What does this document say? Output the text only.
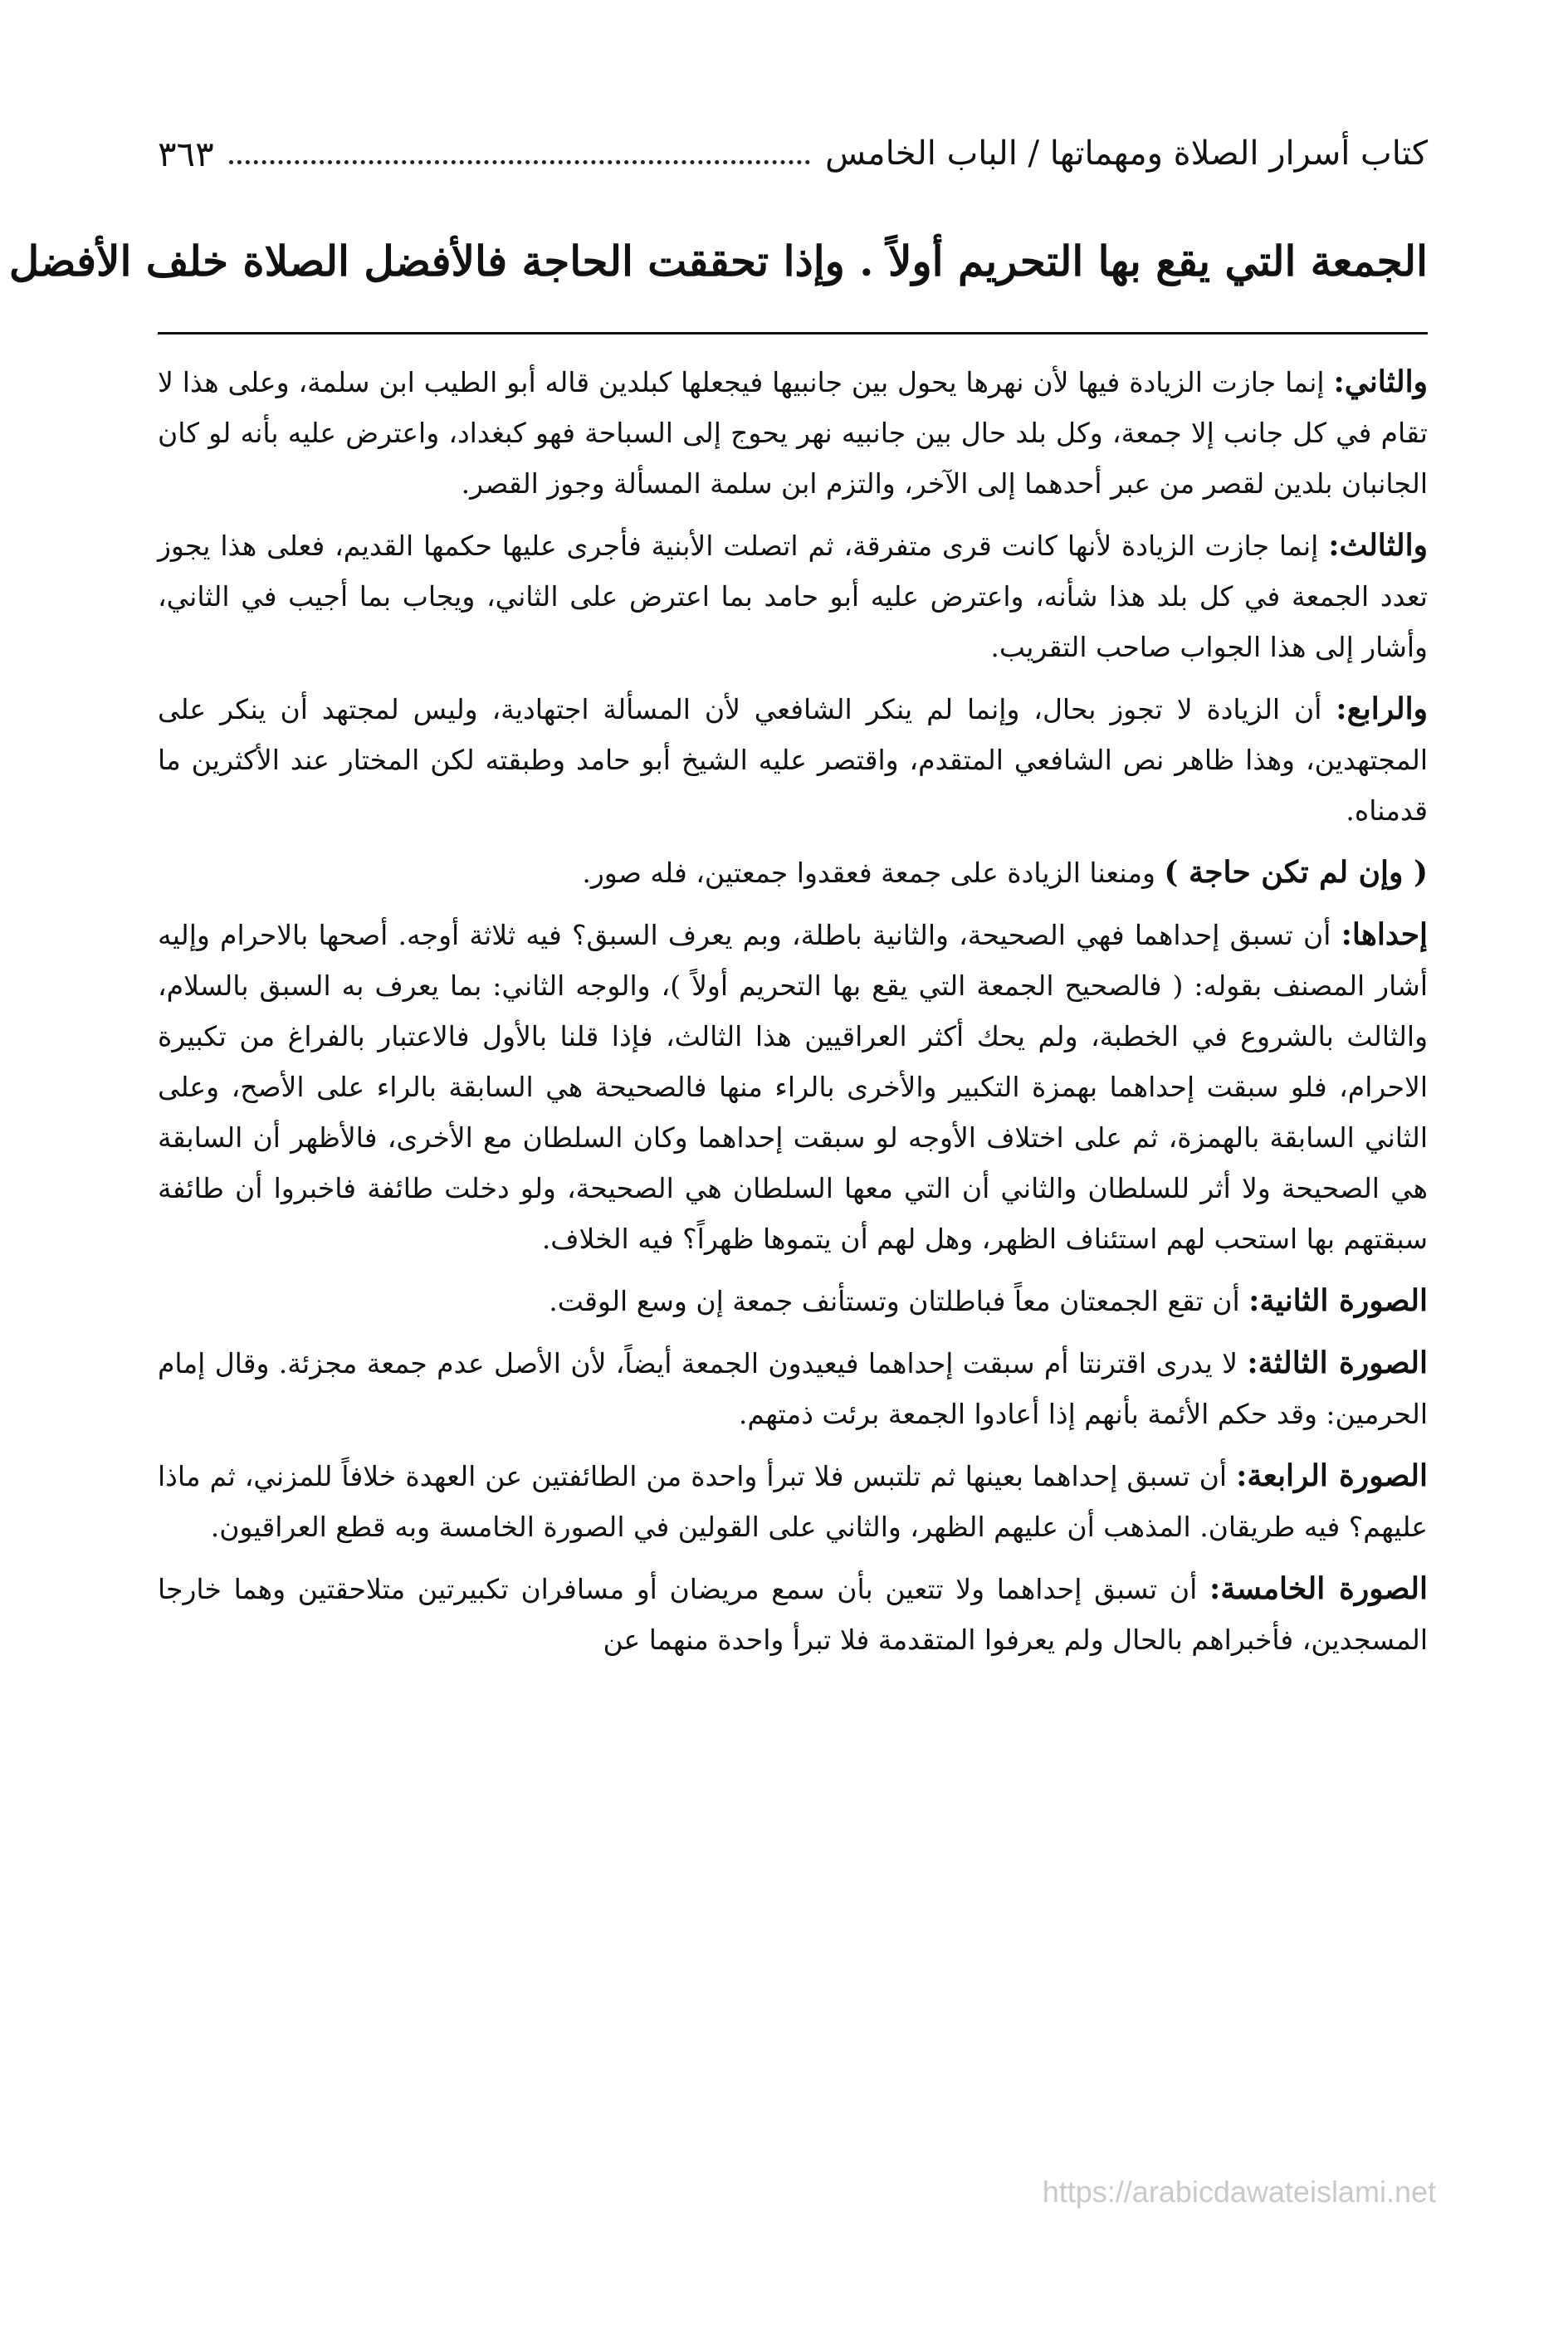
كتاب أسرار الصلاة ومهماتها / الباب الخامس
٣٦٣
الجمعة التي يقع بها التحريم أولاً . وإذا تحققت الحاجة فالأفضل الصلاة خلف الأفضل

والثاني: إنما جازت الزيادة فيها لأن نهرها يحول بين جانبيها فيجعلها كبلدين قاله أبو الطيب ابن سلمة، وعلى هذا لا تقام في كل جانب إلا جمعة، وكل بلد حال بين جانبيه نهر يحوج إلى السباحة فهو كبغداد، واعترض عليه بأنه لو كان الجانبان بلدين لقصر من عبر أحدهما إلى الآخر، والتزم ابن سلمة المسألة وجوز القصر.

والثالث: إنما جازت الزيادة لأنها كانت قرى متفرقة، ثم اتصلت الأبنية فأجرى عليها حكمها القديم، فعلى هذا يجوز تعدد الجمعة في كل بلد هذا شأنه، واعترض عليه أبو حامد بما اعترض على الثاني، ويجاب بما أجيب في الثاني، وأشار إلى هذا الجواب صاحب التقريب.

والرابع: أن الزيادة لا تجوز بحال، وإنما لم ينكر الشافعي لأن المسألة اجتهادية، وليس لمجتهد أن ينكر على المجتهدين، وهذا ظاهر نص الشافعي المتقدم، واقتصر عليه الشيخ أبو حامد وطبقته لكن المختار عند الأكثرين ما قدمناه.

( وإن لم تكن حاجة ) ومنعنا الزيادة على جمعة فعقدوا جمعتين، فله صور.

إحداها: أن تسبق إحداهما فهي الصحيحة، والثانية باطلة، وبم يعرف السبق؟ فيه ثلاثة أوجه. أصحها بالاحرام وإليه أشار المصنف بقوله: ( فالصحيح الجمعة التي يقع بها التحريم أولاً )، والوجه الثاني: بما يعرف به السبق بالسلام، والثالث بالشروع في الخطبة، ولم يحك أكثر العراقيين هذا الثالث، فإذا قلنا بالأول فالاعتبار بالفراغ من تكبيرة الاحرام، فلو سبقت إحداهما بهمزة التكبير والأخرى بالراء منها فالصحيحة هي السابقة بالراء على الأصح، وعلى الثاني السابقة بالهمزة، ثم على اختلاف الأوجه لو سبقت إحداهما وكان السلطان مع الأخرى، فالأظهر أن السابقة هي الصحيحة ولا أثر للسلطان والثاني أن التي معها السلطان هي الصحيحة، ولو دخلت طائفة فاخبروا أن طائفة سبقتهم بها استحب لهم استئناف الظهر، وهل لهم أن يتموها ظهراً؟ فيه الخلاف.

الصورة الثانية: أن تقع الجمعتان معاً فباطلتان وتستأنف جمعة إن وسع الوقت.

الصورة الثالثة: لا يدرى اقترنتا أم سبقت إحداهما فيعيدون الجمعة أيضاً، لأن الأصل عدم جمعة مجزئة. وقال إمام الحرمين: وقد حكم الأئمة بأنهم إذا أعادوا الجمعة برئت ذمتهم.

الصورة الرابعة: أن تسبق إحداهما بعينها ثم تلتبس فلا تبرأ واحدة من الطائفتين عن العهدة خلافاً للمزني، ثم ماذا عليهم؟ فيه طريقان. المذهب أن عليهم الظهر، والثاني على القولين في الصورة الخامسة وبه قطع العراقيون.

الصورة الخامسة: أن تسبق إحداهما ولا تتعين بأن سمع مريضان أو مسافران تكبيرتين متلاحقتين وهما خارجا المسجدين، فأخبراهم بالحال ولم يعرفوا المتقدمة فلا تبرأ واحدة منهما عن

https://arabicdawateislami.net
